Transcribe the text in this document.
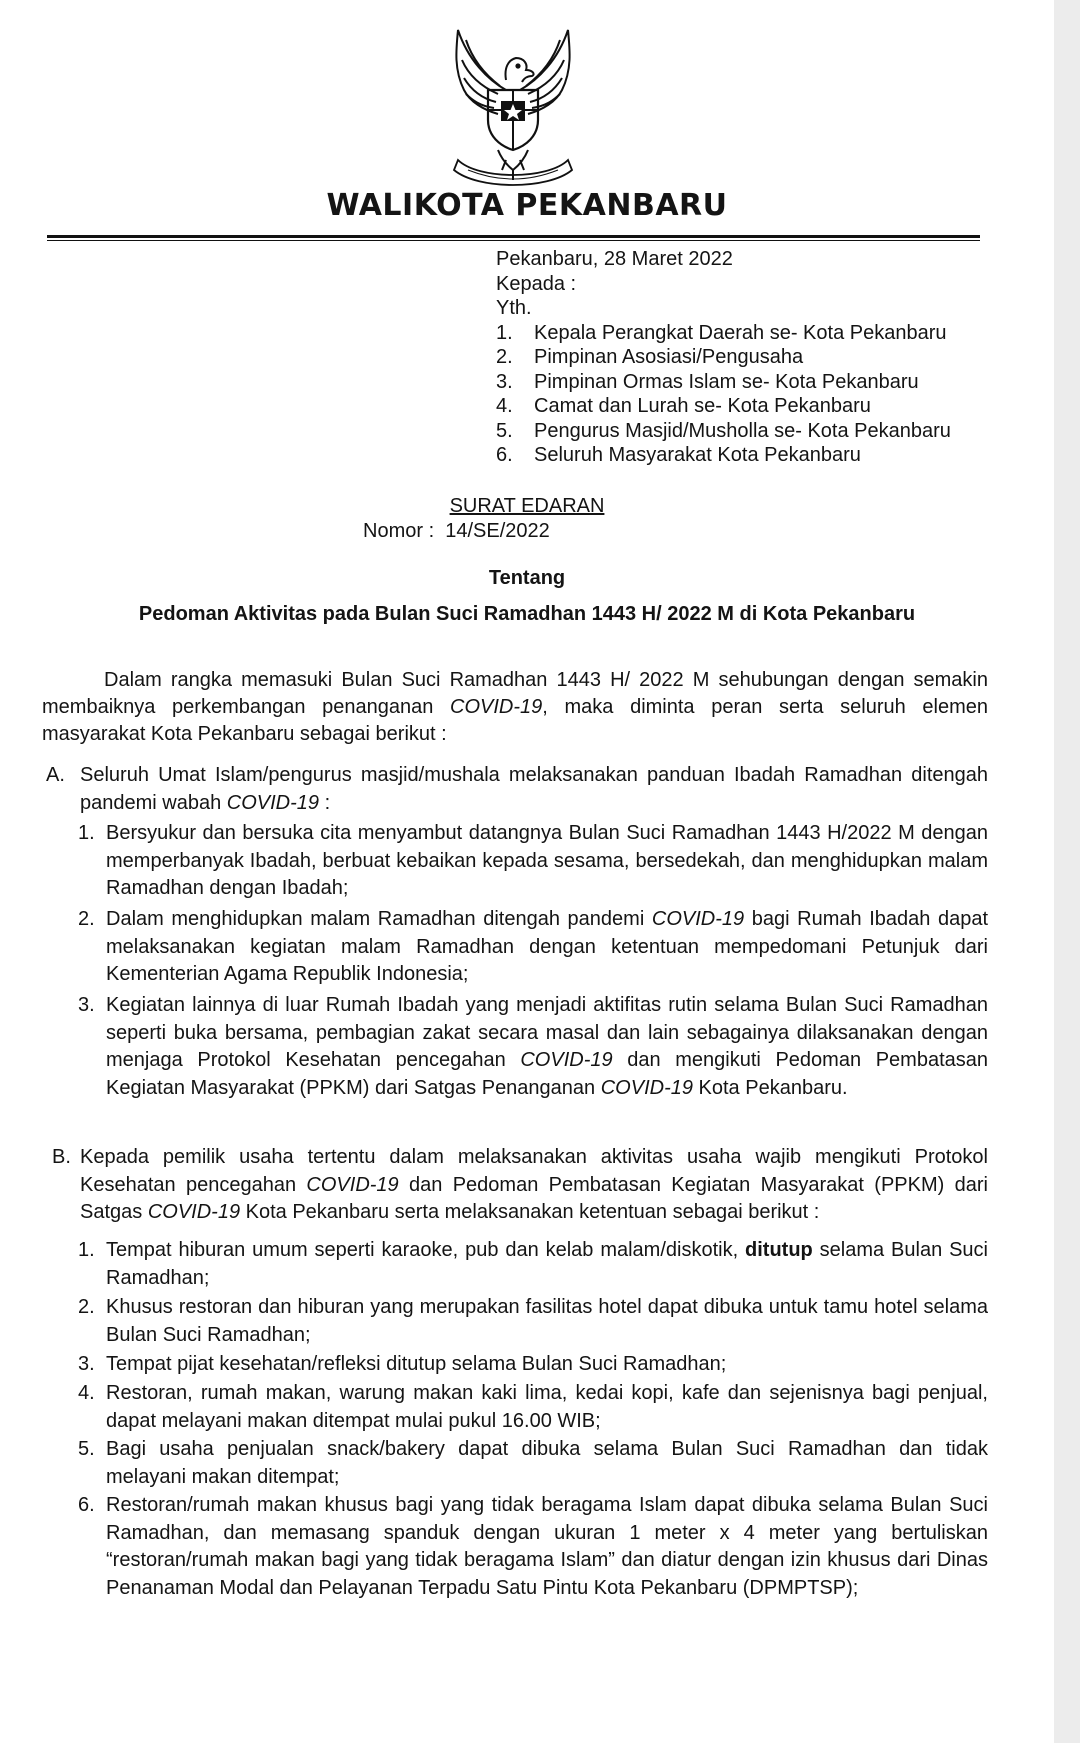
WALIKOTA PEKANBARU
Pekanbaru, 28 Maret 2022
Kepada :
Yth.
1. Kepala Perangkat Daerah se- Kota Pekanbaru
2. Pimpinan Asosiasi/Pengusaha
3. Pimpinan Ormas Islam se- Kota Pekanbaru
4. Camat dan Lurah se- Kota Pekanbaru
5. Pengurus Masjid/Musholla se- Kota Pekanbaru
6. Seluruh Masyarakat Kota Pekanbaru
SURAT EDARAN
Nomor : 14/SE/2022
Tentang
Pedoman Aktivitas pada Bulan Suci Ramadhan 1443 H/ 2022 M di Kota Pekanbaru
Dalam rangka memasuki Bulan Suci Ramadhan 1443 H/ 2022 M sehubungan dengan semakin membaiknya perkembangan penanganan COVID-19, maka diminta peran serta seluruh elemen masyarakat Kota Pekanbaru sebagai berikut :
A. Seluruh Umat Islam/pengurus masjid/mushala melaksanakan panduan Ibadah Ramadhan ditengah pandemi wabah COVID-19 :
1. Bersyukur dan bersuka cita menyambut datangnya Bulan Suci Ramadhan 1443 H/2022 M dengan memperbanyak Ibadah, berbuat kebaikan kepada sesama, bersedekah, dan menghidupkan malam Ramadhan dengan Ibadah;
2. Dalam menghidupkan malam Ramadhan ditengah pandemi COVID-19 bagi Rumah Ibadah dapat melaksanakan kegiatan malam Ramadhan dengan ketentuan mempedomani Petunjuk dari Kementerian Agama Republik Indonesia;
3. Kegiatan lainnya di luar Rumah Ibadah yang menjadi aktifitas rutin selama Bulan Suci Ramadhan seperti buka bersama, pembagian zakat secara masal dan lain sebagainya dilaksanakan dengan menjaga Protokol Kesehatan pencegahan COVID-19 dan mengikuti Pedoman Pembatasan Kegiatan Masyarakat (PPKM) dari Satgas Penanganan COVID-19 Kota Pekanbaru.
B. Kepada pemilik usaha tertentu dalam melaksanakan aktivitas usaha wajib mengikuti Protokol Kesehatan pencegahan COVID-19 dan Pedoman Pembatasan Kegiatan Masyarakat (PPKM) dari Satgas COVID-19 Kota Pekanbaru serta melaksanakan ketentuan sebagai berikut :
1. Tempat hiburan umum seperti karaoke, pub dan kelab malam/diskotik, ditutup selama Bulan Suci Ramadhan;
2. Khusus restoran dan hiburan yang merupakan fasilitas hotel dapat dibuka untuk tamu hotel selama Bulan Suci Ramadhan;
3. Tempat pijat kesehatan/refleksi ditutup selama Bulan Suci Ramadhan;
4. Restoran, rumah makan, warung makan kaki lima, kedai kopi, kafe dan sejenisnya bagi penjual, dapat melayani makan ditempat mulai pukul 16.00 WIB;
5. Bagi usaha penjualan snack/bakery dapat dibuka selama Bulan Suci Ramadhan dan tidak melayani makan ditempat;
6. Restoran/rumah makan khusus bagi yang tidak beragama Islam dapat dibuka selama Bulan Suci Ramadhan, dan memasang spanduk dengan ukuran 1 meter x 4 meter yang bertuliskan “restoran/rumah makan bagi yang tidak beragama Islam” dan diatur dengan izin khusus dari Dinas Penanaman Modal dan Pelayanan Terpadu Satu Pintu Kota Pekanbaru (DPMPTSP);
